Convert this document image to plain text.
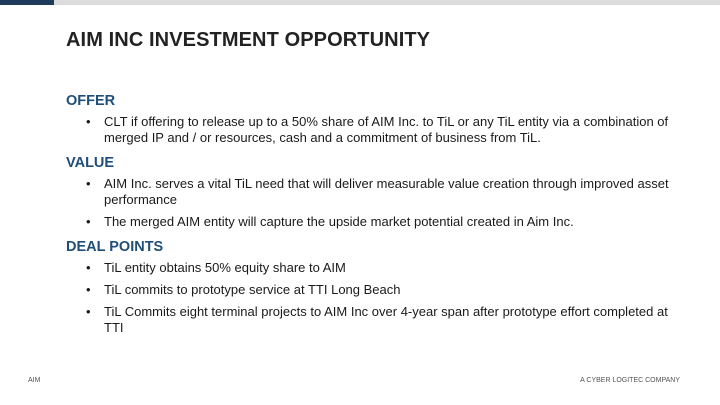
AIM INC INVESTMENT OPPORTUNITY
OFFER
• CLT if offering to release up to a 50% share of AIM Inc. to TiL or any TiL entity via a combination of merged IP and / or resources, cash and a commitment of business from TiL.
VALUE
• AIM Inc. serves a vital TiL need that will deliver measurable value creation through improved asset performance
• The merged AIM entity will capture the upside market potential created in Aim Inc.
DEAL POINTS
• TiL entity obtains 50% equity share to AIM
• TiL commits to prototype service at TTI Long Beach
• TiL Commits eight terminal projects to AIM Inc over 4-year span after prototype effort completed at TTI
AIM	A CYBER LOGITEC COMPANY
